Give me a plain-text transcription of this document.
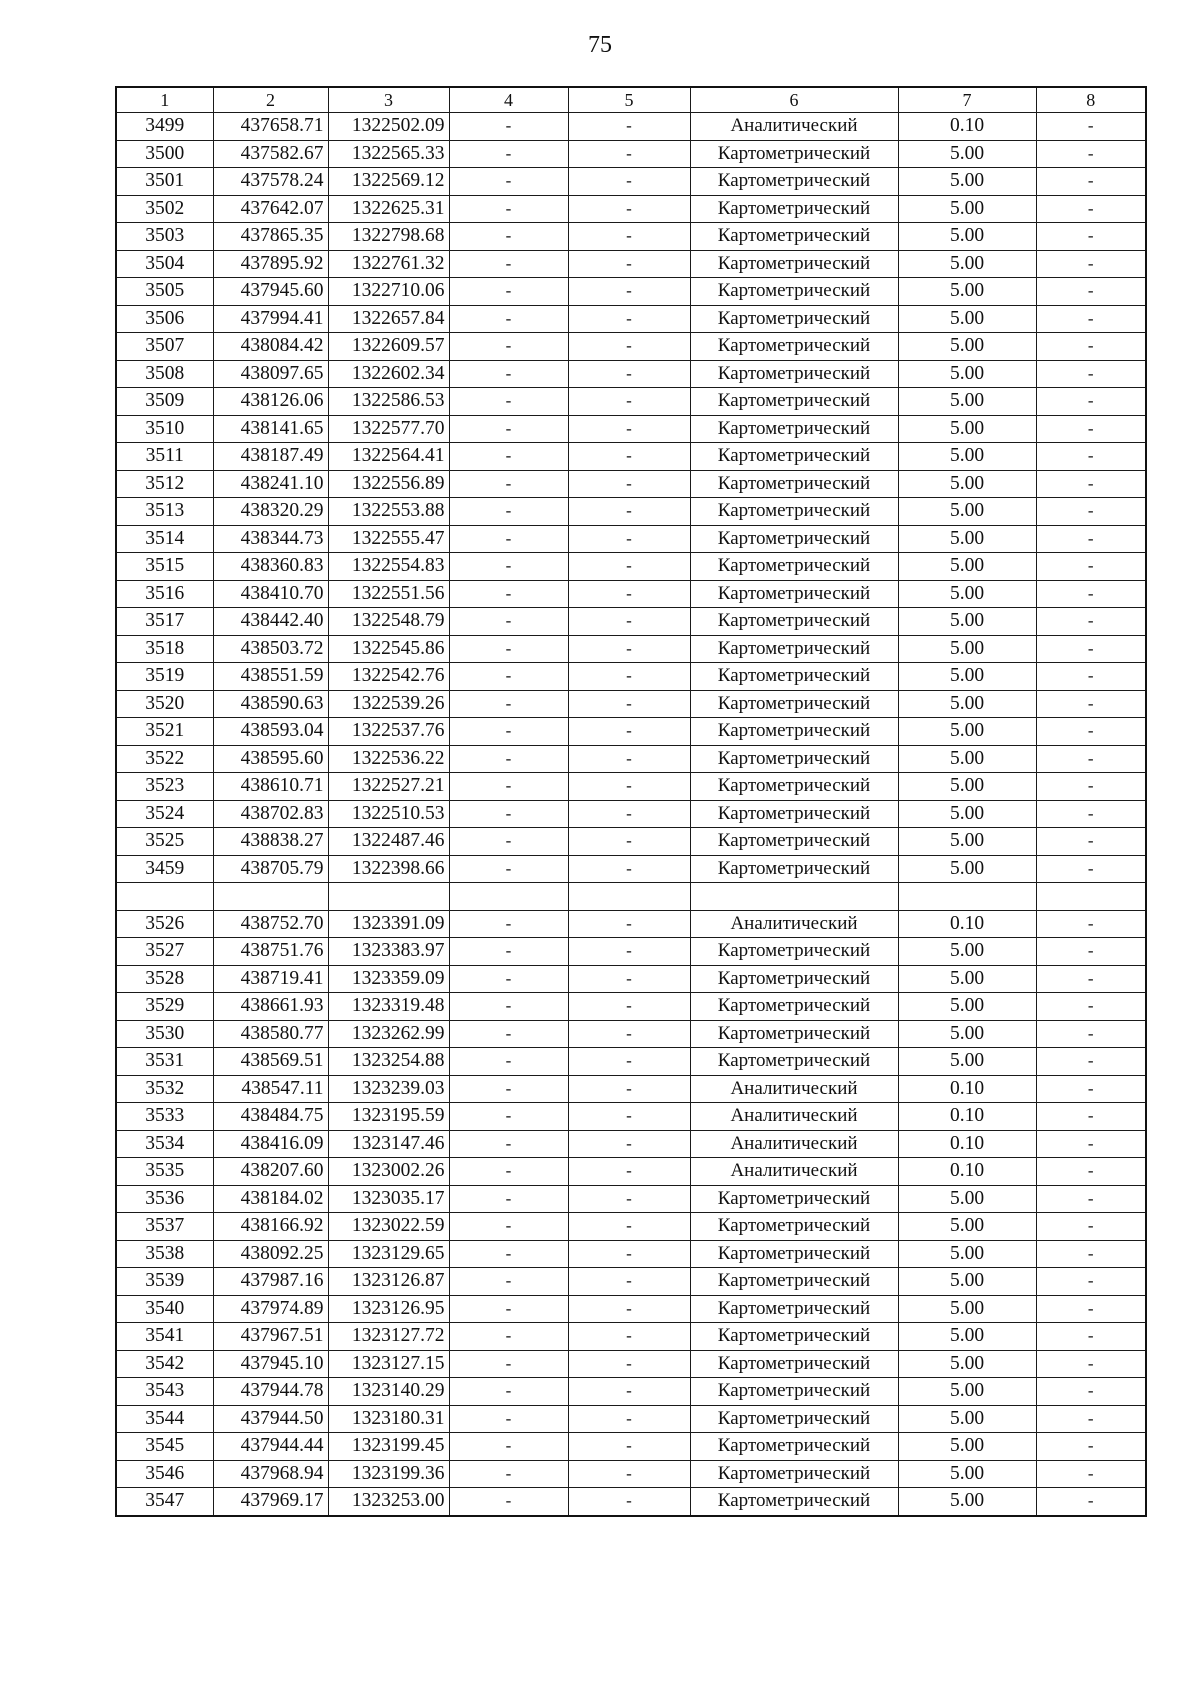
75
1	2	3	4	5	6	7	8
3499	437658.71	1322502.09	-	-	Аналитический	0.10	-
3500	437582.67	1322565.33	-	-	Картометрический	5.00	-
3501	437578.24	1322569.12	-	-	Картометрический	5.00	-
3502	437642.07	1322625.31	-	-	Картометрический	5.00	-
3503	437865.35	1322798.68	-	-	Картометрический	5.00	-
3504	437895.92	1322761.32	-	-	Картометрический	5.00	-
3505	437945.60	1322710.06	-	-	Картометрический	5.00	-
3506	437994.41	1322657.84	-	-	Картометрический	5.00	-
3507	438084.42	1322609.57	-	-	Картометрический	5.00	-
3508	438097.65	1322602.34	-	-	Картометрический	5.00	-
3509	438126.06	1322586.53	-	-	Картометрический	5.00	-
3510	438141.65	1322577.70	-	-	Картометрический	5.00	-
3511	438187.49	1322564.41	-	-	Картометрический	5.00	-
3512	438241.10	1322556.89	-	-	Картометрический	5.00	-
3513	438320.29	1322553.88	-	-	Картометрический	5.00	-
3514	438344.73	1322555.47	-	-	Картометрический	5.00	-
3515	438360.83	1322554.83	-	-	Картометрический	5.00	-
3516	438410.70	1322551.56	-	-	Картометрический	5.00	-
3517	438442.40	1322548.79	-	-	Картометрический	5.00	-
3518	438503.72	1322545.86	-	-	Картометрический	5.00	-
3519	438551.59	1322542.76	-	-	Картометрический	5.00	-
3520	438590.63	1322539.26	-	-	Картометрический	5.00	-
3521	438593.04	1322537.76	-	-	Картометрический	5.00	-
3522	438595.60	1322536.22	-	-	Картометрический	5.00	-
3523	438610.71	1322527.21	-	-	Картометрический	5.00	-
3524	438702.83	1322510.53	-	-	Картометрический	5.00	-
3525	438838.27	1322487.46	-	-	Картометрический	5.00	-
3459	438705.79	1322398.66	-	-	Картометрический	5.00	-

3526	438752.70	1323391.09	-	-	Аналитический	0.10	-
3527	438751.76	1323383.97	-	-	Картометрический	5.00	-
3528	438719.41	1323359.09	-	-	Картометрический	5.00	-
3529	438661.93	1323319.48	-	-	Картометрический	5.00	-
3530	438580.77	1323262.99	-	-	Картометрический	5.00	-
3531	438569.51	1323254.88	-	-	Картометрический	5.00	-
3532	438547.11	1323239.03	-	-	Аналитический	0.10	-
3533	438484.75	1323195.59	-	-	Аналитический	0.10	-
3534	438416.09	1323147.46	-	-	Аналитический	0.10	-
3535	438207.60	1323002.26	-	-	Аналитический	0.10	-
3536	438184.02	1323035.17	-	-	Картометрический	5.00	-
3537	438166.92	1323022.59	-	-	Картометрический	5.00	-
3538	438092.25	1323129.65	-	-	Картометрический	5.00	-
3539	437987.16	1323126.87	-	-	Картометрический	5.00	-
3540	437974.89	1323126.95	-	-	Картометрический	5.00	-
3541	437967.51	1323127.72	-	-	Картометрический	5.00	-
3542	437945.10	1323127.15	-	-	Картометрический	5.00	-
3543	437944.78	1323140.29	-	-	Картометрический	5.00	-
3544	437944.50	1323180.31	-	-	Картометрический	5.00	-
3545	437944.44	1323199.45	-	-	Картометрический	5.00	-
3546	437968.94	1323199.36	-	-	Картометрический	5.00	-
3547	437969.17	1323253.00	-	-	Картометрический	5.00	-
